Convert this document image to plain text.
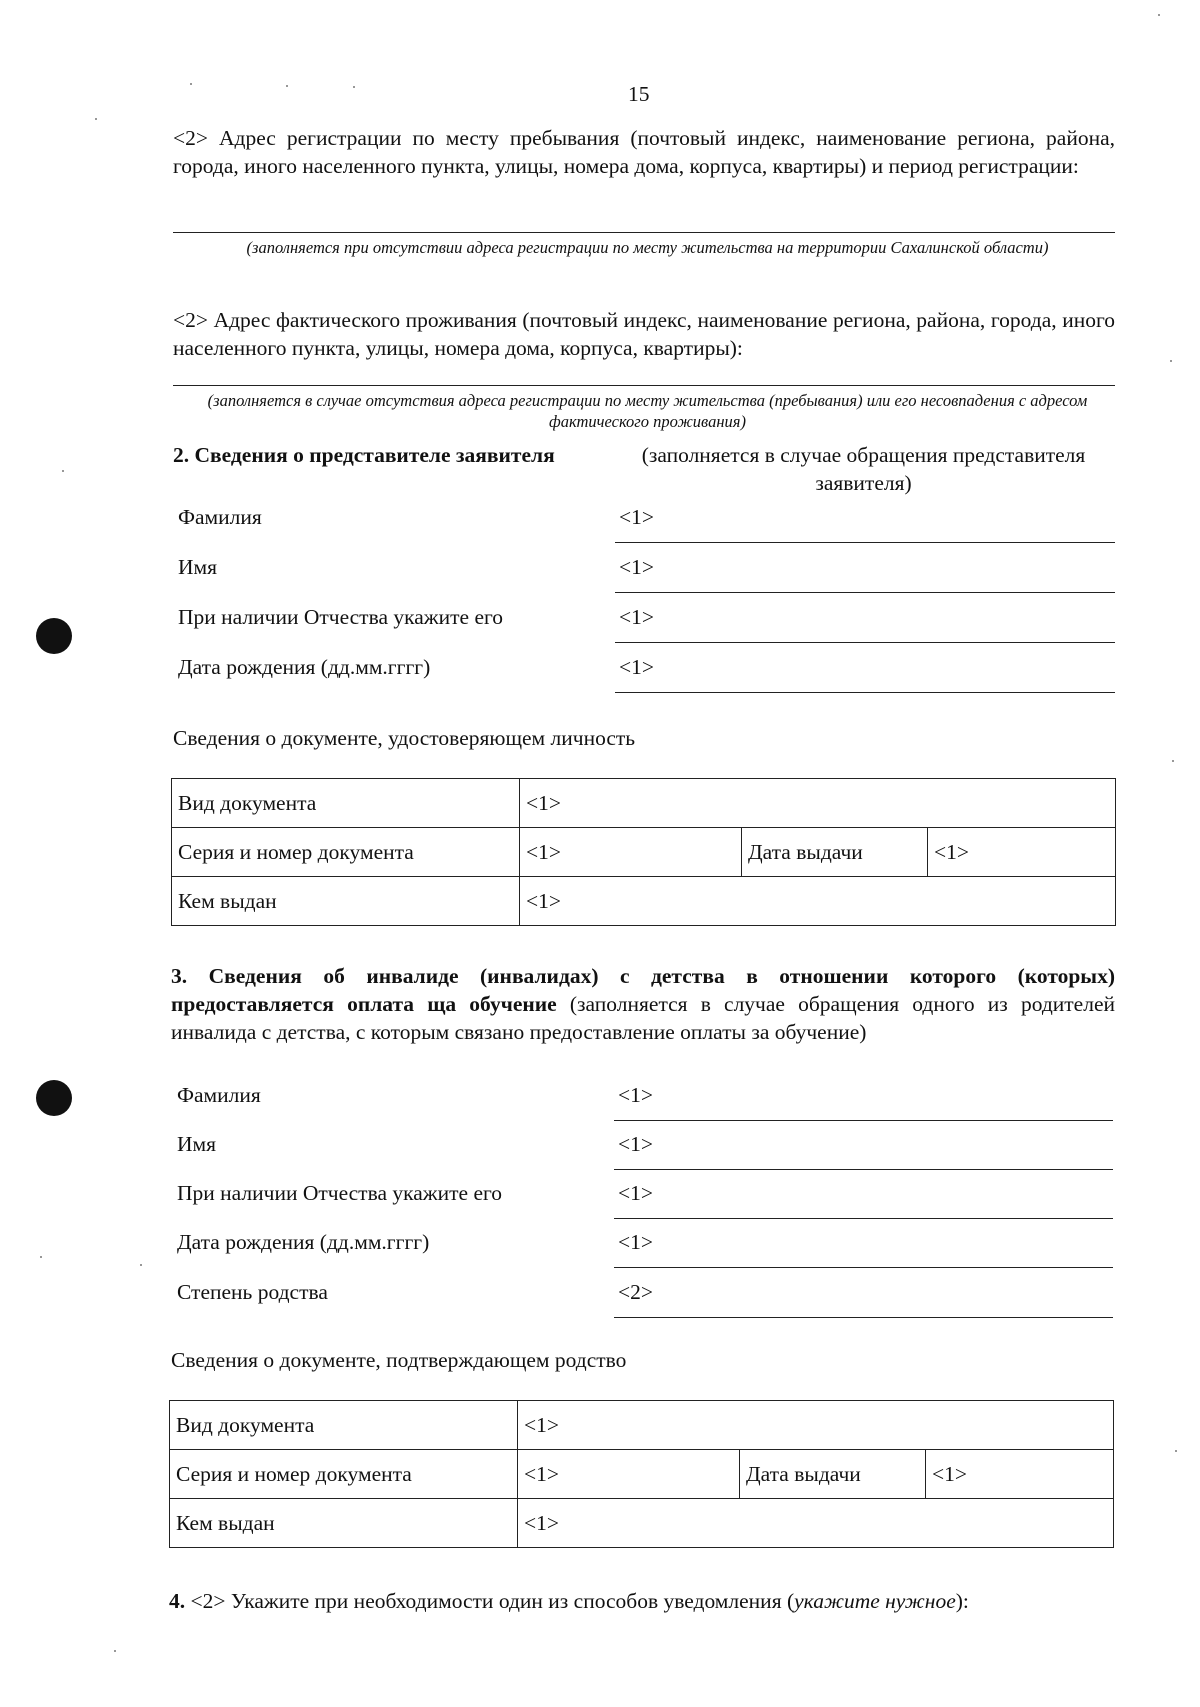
15
<2> Адрес регистрации по месту пребывания (почтовый индекс, наименование региона, района, города, иного населенного пункта, улицы, номера дома, корпуса, квартиры) и период регистрации:
(заполняется при отсутствии адреса регистрации по месту жительства на территории Сахалинской области)
<2> Адрес фактического проживания (почтовый индекс, наименование региона, района, города, иного населенного пункта, улицы, номера дома, корпуса, квартиры):
(заполняется в случае отсутствия адреса регистрации по месту жительства (пребывания) или его несовпадения с адресом фактического проживания)
2. Сведения о представителе заявителя	(заполняется в случае обращения представителя заявителя)
Фамилия	<1>
Имя	<1>
При наличии Отчества укажите его	<1>
Дата рождения (дд.мм.гггг)	<1>
Сведения о документе, удостоверяющем личность
Вид документа	<1>		
Серия и номер документа	<1>	Дата выдачи	<1>
Кем выдан	<1>		
3. Сведения об инвалиде (инвалидах) с детства в отношении которого (которых) предоставляется оплата ща обучение (заполняется в случае обращения одного из родителей инвалида с детства, с которым связано предоставление оплаты за обучение)
Фамилия	<1>
Имя	<1>
При наличии Отчества укажите его	<1>
Дата рождения (дд.мм.гггг)	<1>
Степень родства	<2>
Сведения о документе, подтверждающем родство
Вид документа	<1>		
Серия и номер документа	<1>	Дата выдачи	<1>
Кем выдан	<1>		
4. <2> Укажите при необходимости один из способов уведомления (укажите нужное):
